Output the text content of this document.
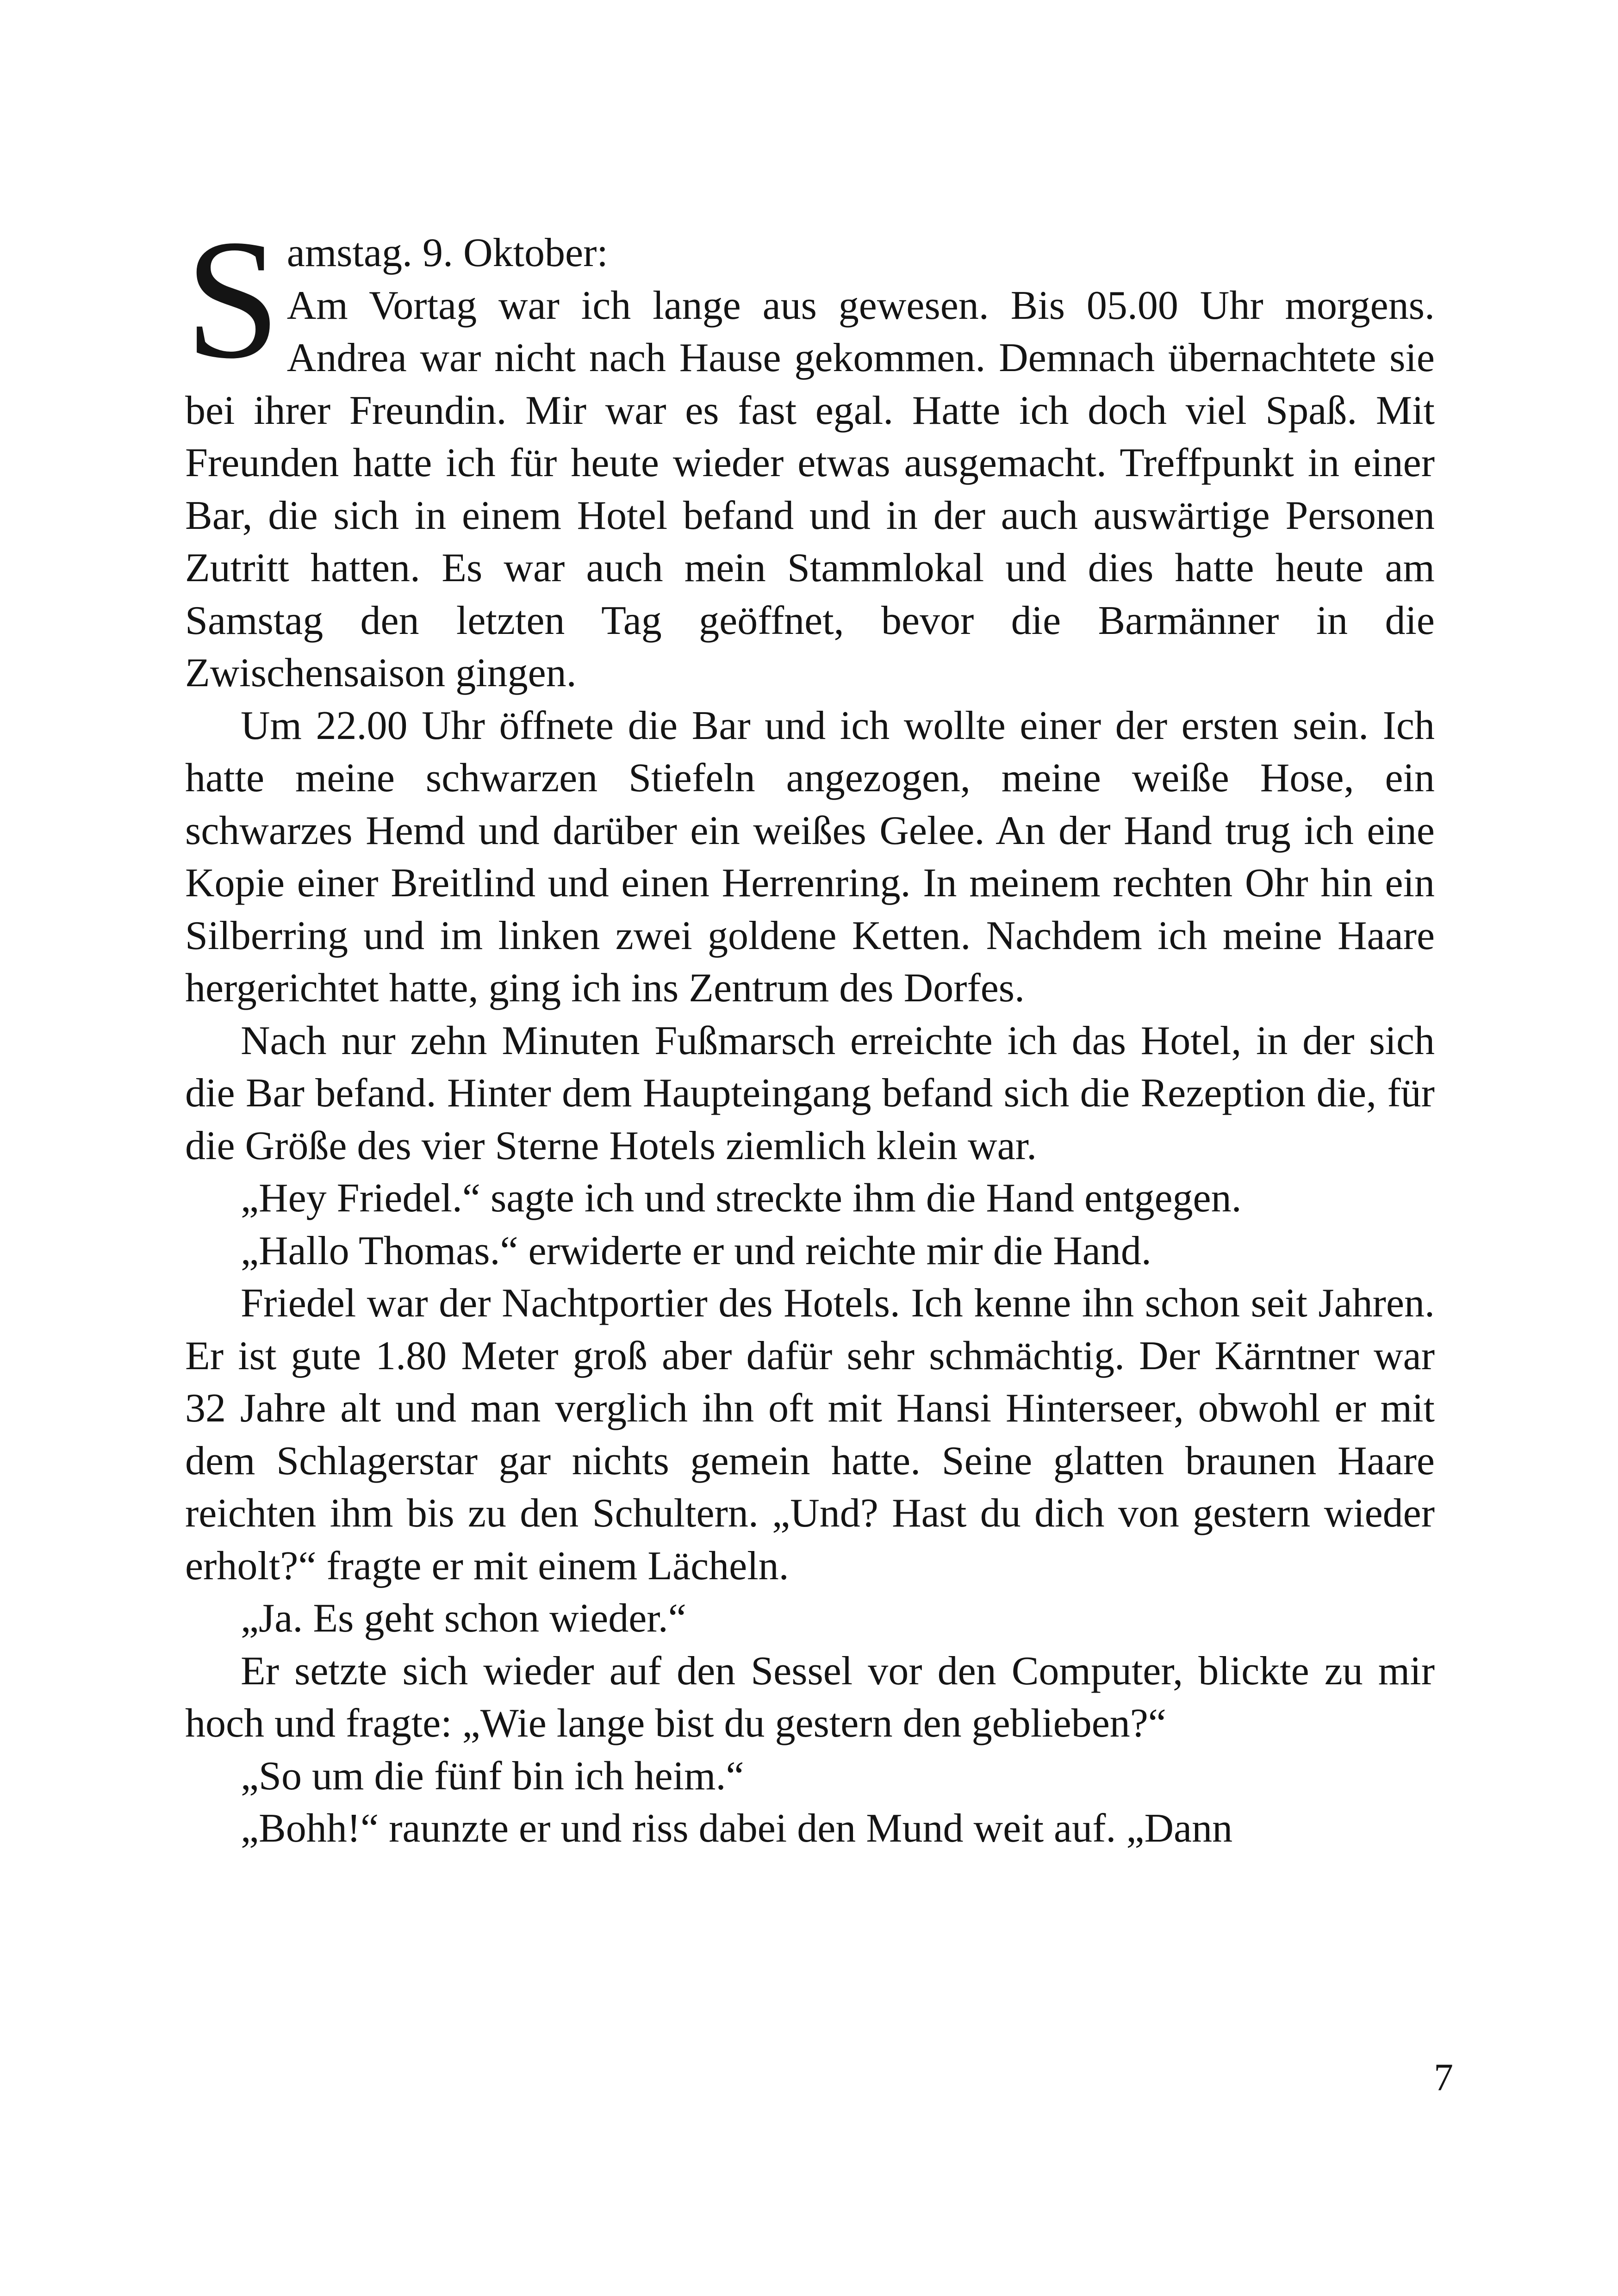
Samstag. 9. Oktober:
Am Vortag war ich lange aus gewesen. Bis 05.00 Uhr morgens. Andrea war nicht nach Hause gekommen. Demnach übernachtete sie bei ihrer Freundin. Mir war es fast egal. Hatte ich doch viel Spaß. Mit Freunden hatte ich für heute wieder etwas ausgemacht. Treffpunkt in einer Bar, die sich in einem Hotel befand und in der auch auswärtige Personen Zutritt hatten. Es war auch mein Stammlokal und dies hatte heute am Samstag den letzten Tag geöffnet, bevor die Barmänner in die Zwischensaison gingen.

Um 22.00 Uhr öffnete die Bar und ich wollte einer der ersten sein. Ich hatte meine schwarzen Stiefeln angezogen, meine weiße Hose, ein schwarzes Hemd und darüber ein weißes Gelee. An der Hand trug ich eine Kopie einer Breitlind und einen Herrenring. In meinem rechten Ohr hin ein Silberring und im linken zwei goldene Ketten. Nachdem ich meine Haare hergerichtet hatte, ging ich ins Zentrum des Dorfes.

Nach nur zehn Minuten Fußmarsch erreichte ich das Hotel, in der sich die Bar befand. Hinter dem Haupteingang befand sich die Rezeption die, für die Größe des vier Sterne Hotels ziemlich klein war.

„Hey Friedel.“ sagte ich und streckte ihm die Hand entgegen.

„Hallo Thomas.“ erwiderte er und reichte mir die Hand.

Friedel war der Nachtportier des Hotels. Ich kenne ihn schon seit Jahren. Er ist gute 1.80 Meter groß aber dafür sehr schmächtig. Der Kärntner war 32 Jahre alt und man verglich ihn oft mit Hansi Hinterseer, obwohl er mit dem Schlagerstar gar nichts gemein hatte. Seine glatten braunen Haare reichten ihm bis zu den Schultern. „Und? Hast du dich von gestern wieder erholt?“ fragte er mit einem Lächeln.

„Ja. Es geht schon wieder.“

Er setzte sich wieder auf den Sessel vor den Computer, blickte zu mir hoch und fragte: „Wie lange bist du gestern den geblieben?“

„So um die fünf bin ich heim.“

„Bohh!“ raunzte er und riss dabei den Mund weit auf. „Dann

7
